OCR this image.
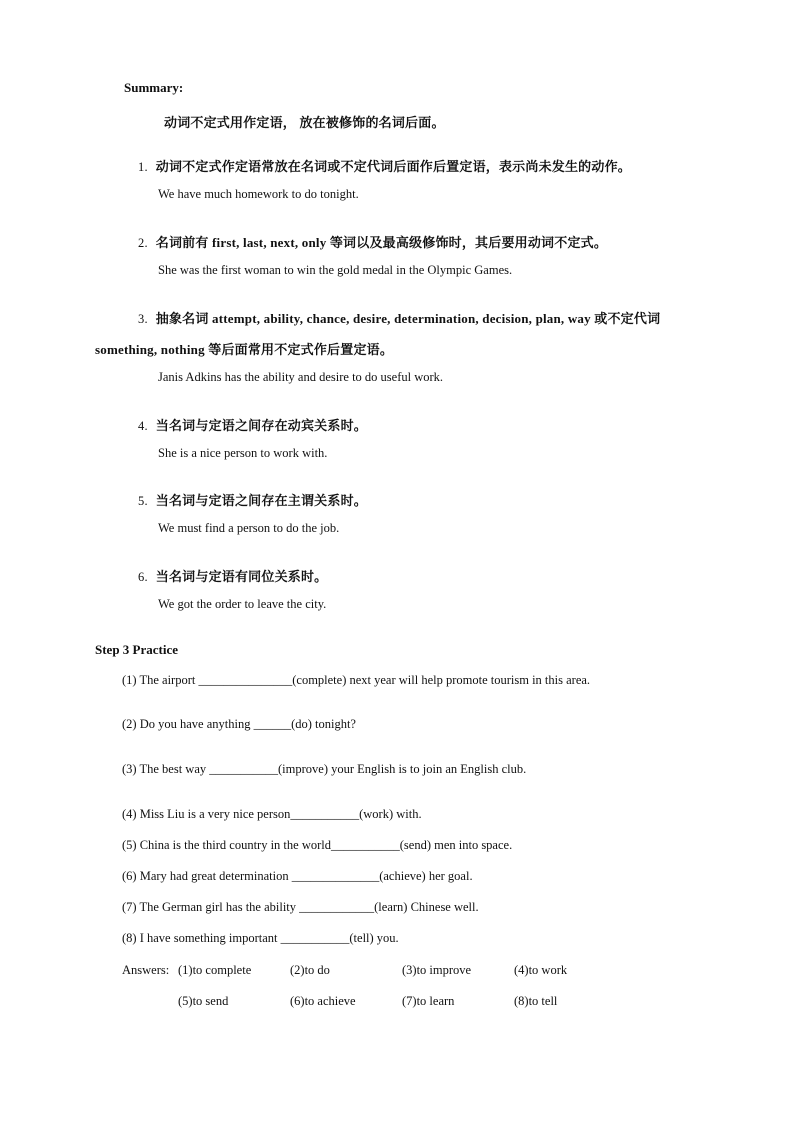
Summary:
动词不定式用作定语， 放在被修饰的名词后面。
1. 动词不定式作定语常放在名词或不定代词后面作后置定语，表示尚未发生的动作。
We have much homework to do tonight.
2. 名词前有 first, last, next, only 等词以及最高级修饰时，其后要用动词不定式。
She was the first woman to win the gold medal in the Olympic Games.
3. 抽象名词 attempt, ability, chance, desire, determination, decision, plan, way 或不定代词
something, nothing 等后面常用不定式作后置定语。
Janis Adkins has the ability and desire to do useful work.
4. 当名词与定语之间存在动宾关系时。
She is a nice person to work with.
5. 当名词与定语之间存在主谓关系时。
We must find a person to do the job.
6. 当名词与定语有同位关系时。
We got the order to leave the city.
Step 3 Practice
(1) The airport _______________(complete) next year will help promote tourism in this area.
(2) Do you have anything ______(do) tonight?
(3) The best way ___________(improve) your English is to join an English club.
(4) Miss Liu is a very nice person___________(work) with.
(5) China is the third country in the world___________(send) men into space.
(6) Mary had great determination ______________(achieve) her goal.
(7) The German girl has the ability ____________(learn) Chinese well.
(8) I have something important ___________(tell) you.
Answers: (1)to complete	(2)to do	(3)to improve	(4)to work
(5)to send	(6)to achieve	(7)to learn	(8)to tell
